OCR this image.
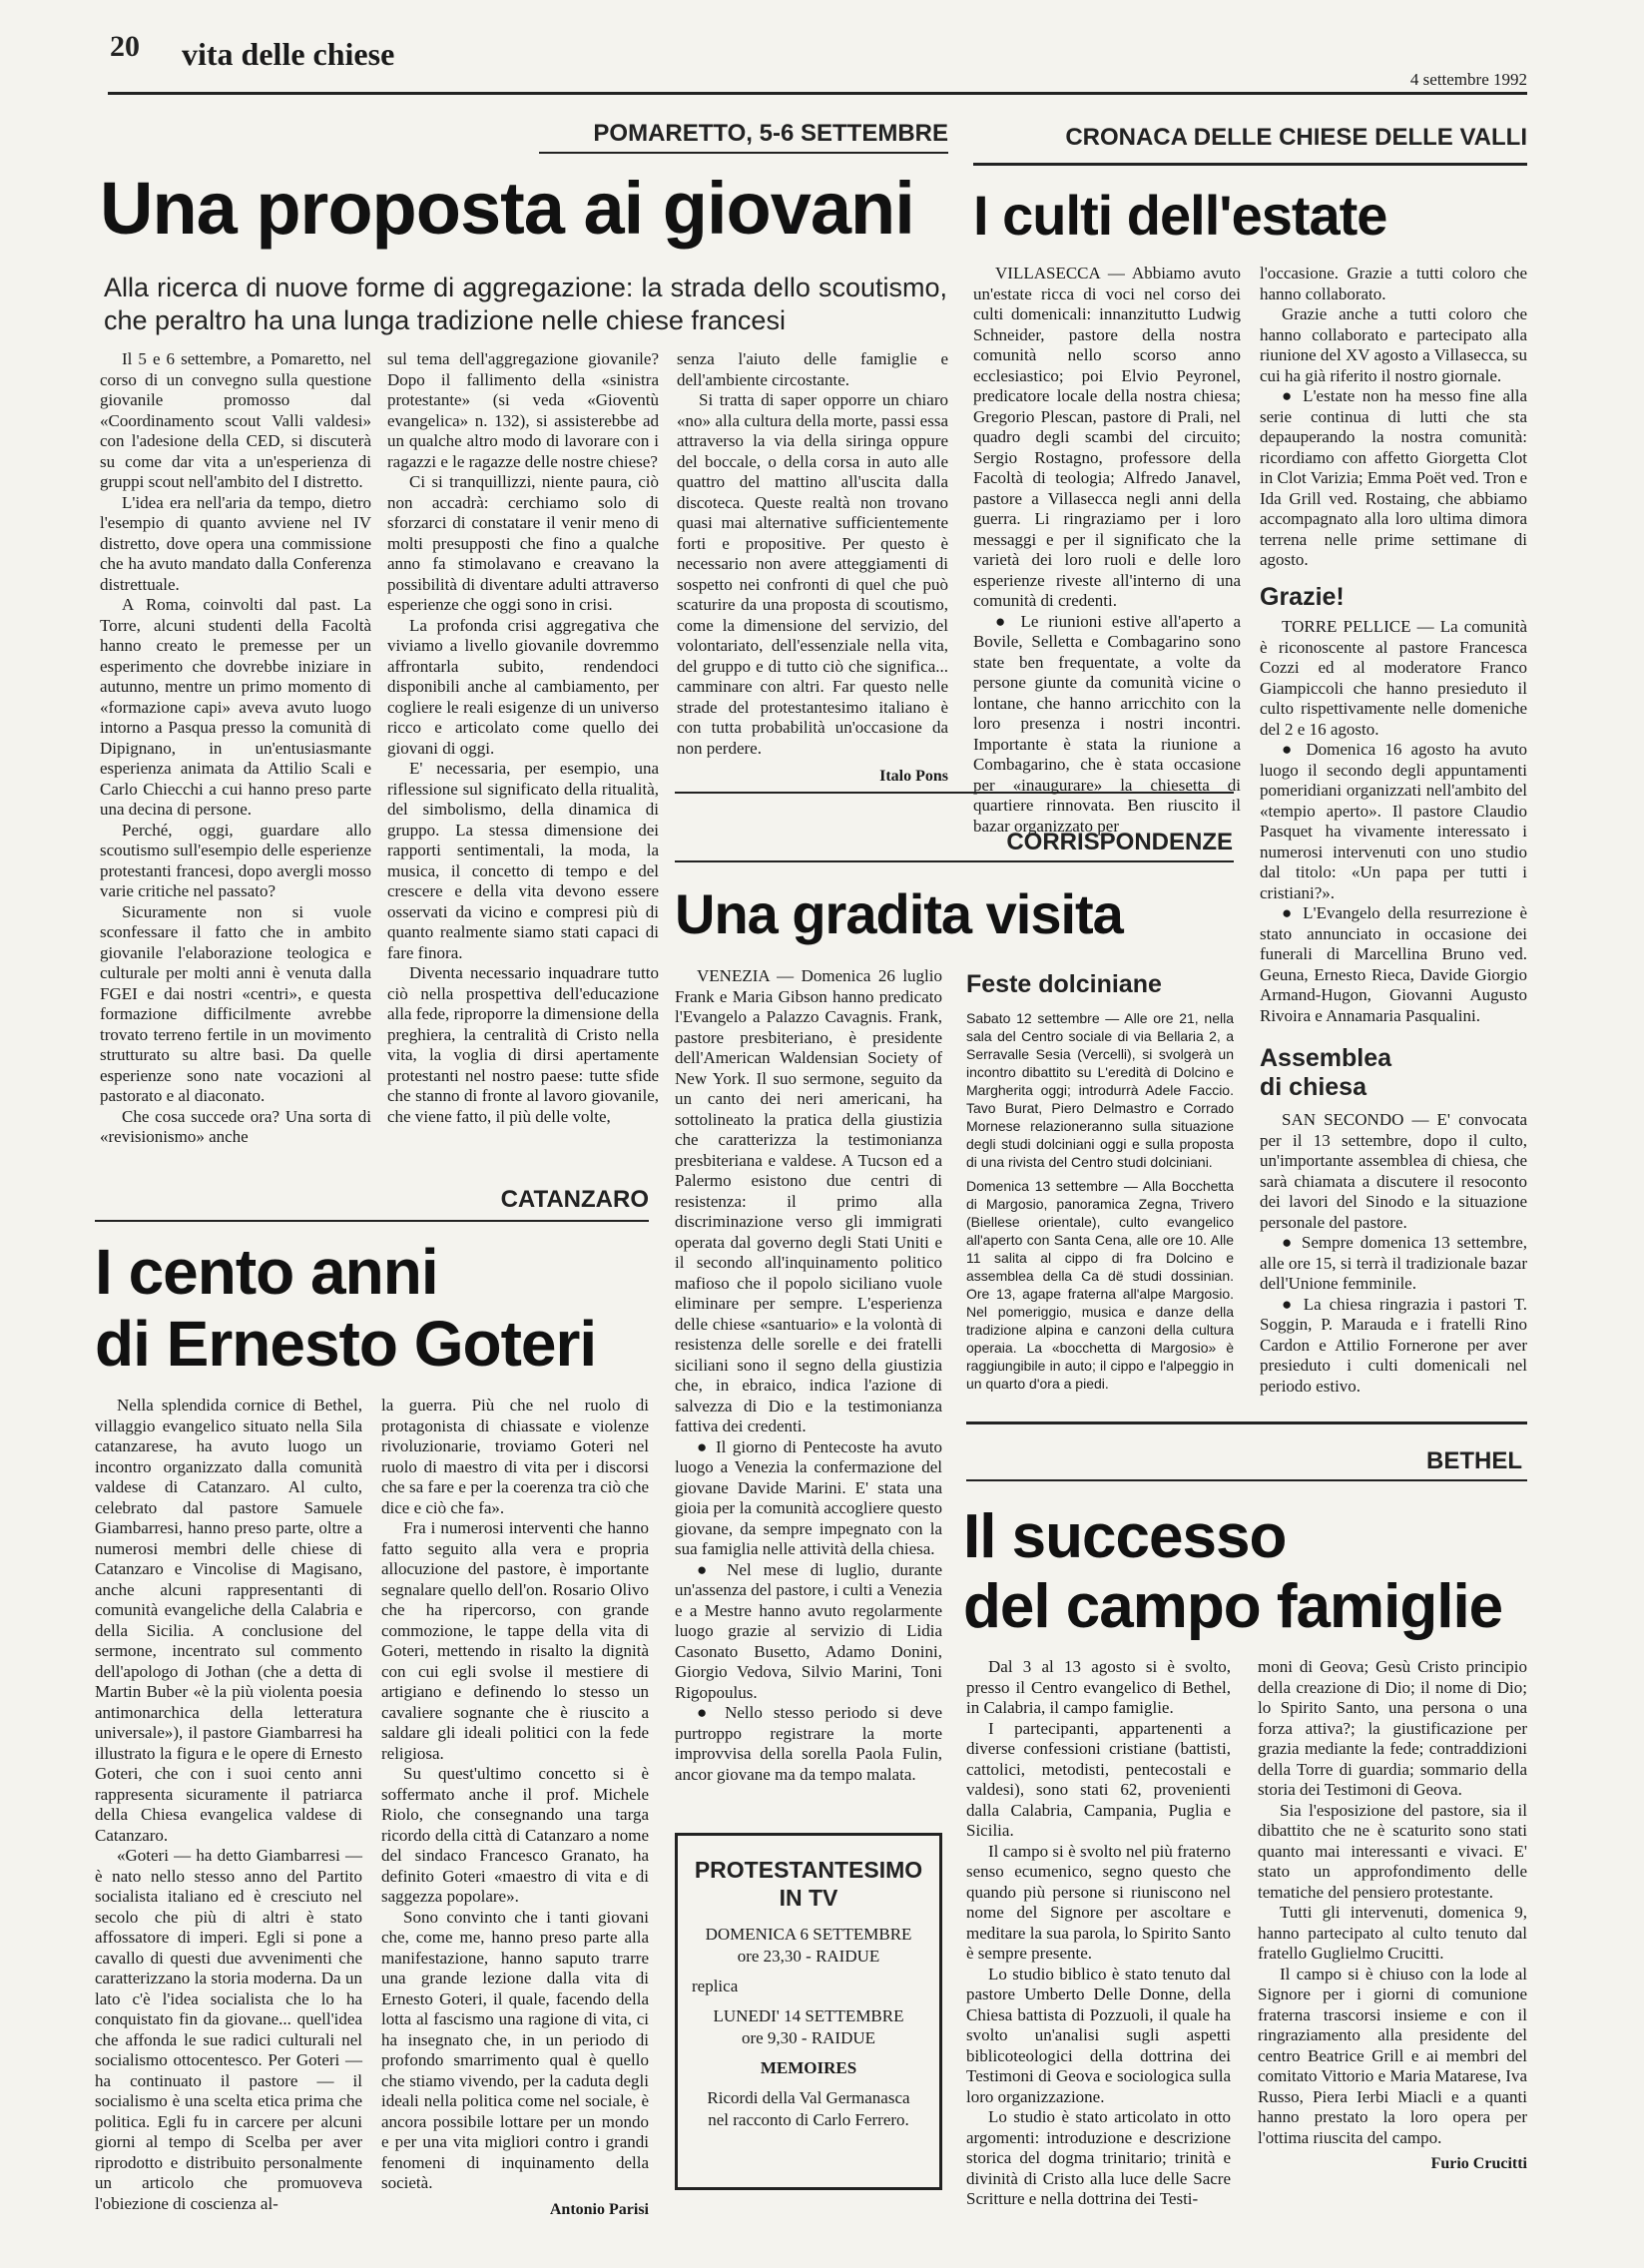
20 vita delle chiese
4 settembre 1992
POMARETTO, 5-6 SETTEMBRE
Una proposta ai giovani
Alla ricerca di nuove forme di aggregazione: la strada dello scoutismo, che peraltro ha una lunga tradizione nelle chiese francesi

Il 5 e 6 settembre, a Pomaretto, nel corso di un convegno sulla questione giovanile promosso dal «Coordinamento scout Valli valdesi» con l'adesione della CED, si discuterà su come dar vita a un'esperienza di gruppi scout nell'ambito del I distretto.

L'idea era nell'aria da tempo, dietro l'esempio di quanto avviene nel IV distretto, dove opera una commissione che ha avuto mandato dalla Conferenza distrettuale.

A Roma, coinvolti dal past. La Torre, alcuni studenti della Facoltà hanno creato le premesse per un esperimento che dovrebbe iniziare in autunno, mentre un primo momento di «formazione capi» aveva avuto luogo intorno a Pasqua presso la comunità di Dipignano, in un'entusiasmante esperienza animata da Attilio Scali e Carlo Chiecchi a cui hanno preso parte una decina di persone.

Perché, oggi, guardare allo scoutismo sull'esempio delle esperienze protestanti francesi, dopo avergli mosso varie critiche nel passato?

Sicuramente non si vuole sconfessare il fatto che in ambito giovanile l'elaborazione teologica e culturale per molti anni è venuta dalla FGEI e dai nostri «centri», e questa formazione difficilmente avrebbe trovato terreno fertile in un movimento strutturato su altre basi. Da quelle esperienze sono nate vocazioni al pastorato e al diaconato.

Che cosa succede ora? Una sorta di «revisionismo» anche

sul tema dell'aggregazione giovanile? Dopo il fallimento della «sinistra protestante» (si veda «Gioventù evangelica» n. 132), si assisterebbe ad un qualche altro modo di lavorare con i ragazzi e le ragazze delle nostre chiese?

Ci si tranquillizzi, niente paura, ciò non accadrà: cerchiamo solo di sforzarci di constatare il venir meno di molti presupposti che fino a qualche anno fa stimolavano e creavano la possibilità di diventare adulti attraverso esperienze che oggi sono in crisi.

La profonda crisi aggregativa che viviamo a livello giovanile dovremmo affrontarla subito, rendendoci disponibili anche al cambiamento, per cogliere le reali esigenze di un universo ricco e articolato come quello dei giovani di oggi.

E' necessaria, per esempio, una riflessione sul significato della ritualità, del simbolismo, della dinamica di gruppo. La stessa dimensione dei rapporti sentimentali, la moda, la musica, il concetto di tempo e del crescere e della vita devono essere osservati da vicino e compresi più di quanto realmente siamo stati capaci di fare finora.

Diventa necessario inquadrare tutto ciò nella prospettiva dell'educazione alla fede, riproporre la dimensione della preghiera, la centralità di Cristo nella vita, la voglia di dirsi apertamente protestanti nel nostro paese: tutte sfide che stanno di fronte al lavoro giovanile, che viene fatto, il più delle volte,

senza l'aiuto delle famiglie e dell'ambiente circostante.

Si tratta di saper opporre un chiaro «no» alla cultura della morte, passi essa attraverso la via della siringa oppure del boccale, o della corsa in auto alle quattro del mattino all'uscita dalla discoteca. Queste realtà non trovano quasi mai alternative sufficientemente forti e propositive. Per questo è necessario non avere atteggiamenti di sospetto nei confronti di quel che può scaturire da una proposta di scoutismo, come la dimensione del servizio, del volontariato, dell'essenziale nella vita, del gruppo e di tutto ciò che significa... camminare con altri. Far questo nelle strade del protestantesimo italiano è con tutta probabilità un'occasione da non perdere.

Italo Pons
CATANZARO
I cento anni
di Ernesto Goteri

Nella splendida cornice di Bethel, villaggio evangelico situato nella Sila catanzarese, ha avuto luogo un incontro organizzato dalla comunità valdese di Catanzaro. Al culto, celebrato dal pastore Samuele Giambarresi, hanno preso parte, oltre a numerosi membri delle chiese di Catanzaro e Vincolise di Magisano, anche alcuni rappresentanti di comunità evangeliche della Calabria e della Sicilia. A conclusione del sermone, incentrato sul commento dell'apologo di Jothan (che a detta di Martin Buber «è la più violenta poesia antimonarchica della letteratura universale»), il pastore Giambarresi ha illustrato la figura e le opere di Ernesto Goteri, che con i suoi cento anni rappresenta sicuramente il patriarca della Chiesa evangelica valdese di Catanzaro.

«Goteri — ha detto Giambarresi — è nato nello stesso anno del Partito socialista italiano ed è cresciuto nel secolo che più di altri è stato affossatore di imperi. Egli si pone a cavallo di questi due avvenimenti che caratterizzano la storia moderna. Da un lato c'è l'idea socialista che lo ha conquistato fin da giovane... quell'idea che affonda le sue radici culturali nel socialismo ottocentesco. Per Goteri — ha continuato il pastore — il socialismo è una scelta etica prima che politica. Egli fu in carcere per alcuni giorni al tempo di Scelba per aver riprodotto e distribuito personalmente un articolo che promuoveva l'obiezione di coscienza al-

la guerra. Più che nel ruolo di protagonista di chiassate e violenze rivoluzionarie, troviamo Goteri nel ruolo di maestro di vita per i discorsi che sa fare e per la coerenza tra ciò che dice e ciò che fa».

Fra i numerosi interventi che hanno fatto seguito alla vera e propria allocuzione del pastore, è importante segnalare quello dell'on. Rosario Olivo che ha ripercorso, con grande commozione, le tappe della vita di Goteri, mettendo in risalto la dignità con cui egli svolse il mestiere di artigiano e definendo lo stesso un cavaliere sognante che è riuscito a saldare gli ideali politici con la fede religiosa.

Su quest'ultimo concetto si è soffermato anche il prof. Michele Riolo, che consegnando una targa ricordo della città di Catanzaro a nome del sindaco Francesco Granato, ha definito Goteri «maestro di vita e di saggezza popolare».

Sono convinto che i tanti giovani che, come me, hanno preso parte alla manifestazione, hanno saputo trarre una grande lezione dalla vita di Ernesto Goteri, il quale, facendo della lotta al fascismo una ragione di vita, ci ha insegnato che, in un periodo di profondo smarrimento qual è quello che stiamo vivendo, per la caduta degli ideali nella politica come nel sociale, è ancora possibile lottare per un mondo e per una vita migliori contro i grandi fenomeni di inquinamento della società.

Antonio Parisi
CRONACA DELLE CHIESE DELLE VALLI
I culti dell'estate

VILLASECCA — Abbiamo avuto un'estate ricca di voci nel corso dei culti domenicali: innanzitutto Ludwig Schneider, pastore della nostra comunità nello scorso anno ecclesiastico; poi Elvio Peyronel, predicatore locale della nostra chiesa; Gregorio Plescan, pastore di Prali, nel quadro degli scambi del circuito; Sergio Rostagno, professore della Facoltà di teologia; Alfredo Janavel, pastore a Villasecca negli anni della guerra. Li ringraziamo per i loro messaggi e per il significato che la varietà dei loro ruoli e delle loro esperienze riveste all'interno di una comunità di credenti.

● Le riunioni estive all'aperto a Bovile, Selletta e Combagarino sono state ben frequentate, a volte da persone giunte da comunità vicine o lontane, che hanno arricchito con la loro presenza i nostri incontri. Importante è stata la riunione a Combagarino, che è stata occasione per «inaugurare» la chiesetta di quartiere rinnovata. Ben riuscito il bazar organizzato per

l'occasione. Grazie a tutti coloro che hanno collaborato.

Grazie anche a tutti coloro che hanno collaborato e partecipato alla riunione del XV agosto a Villasecca, su cui ha già riferito il nostro giornale.

● L'estate non ha messo fine alla serie continua di lutti che sta depauperando la nostra comunità: ricordiamo con affetto Giorgetta Clot in Clot Varizia; Emma Poët ved. Tron e Ida Grill ved. Rostaing, che abbiamo accompagnato alla loro ultima dimora terrena nelle prime settimane di agosto.

Grazie!

TORRE PELLICE — La comunità è riconoscente al pastore Francesca Cozzi ed al moderatore Franco Giampiccoli che hanno presieduto il culto rispettivamente nelle domeniche del 2 e 16 agosto.

● Domenica 16 agosto ha avuto luogo il secondo degli appuntamenti pomeridiani organizzati nell'ambito del «tempio aperto». Il pastore Claudio Pasquet ha vivamente interessato i numerosi intervenuti con uno studio dal titolo: «Un papa per tutti i cristiani?».

● L'Evangelo della resurrezione è stato annunciato in occasione dei funerali di Marcellina Bruno ved. Geuna, Ernesto Rieca, Davide Giorgio Armand-Hugon, Giovanni Augusto Rivoira e Annamaria Pasqualini.

Assemblea
di chiesa

SAN SECONDO — E' convocata per il 13 settembre, dopo il culto, un'importante assemblea di chiesa, che sarà chiamata a discutere il resoconto dei lavori del Sinodo e la situazione personale del pastore.

● Sempre domenica 13 settembre, alle ore 15, si terrà il tradizionale bazar dell'Unione femminile.

● La chiesa ringrazia i pastori T. Soggin, P. Marauda e i fratelli Rino Cardon e Attilio Fornerone per aver presieduto i culti domenicali nel periodo estivo.

CORRISPONDENZE
Una gradita visita

VENEZIA — Domenica 26 luglio Frank e Maria Gibson hanno predicato l'Evangelo a Palazzo Cavagnis. Frank, pastore presbiteriano, è presidente dell'American Waldensian Society of New York. Il suo sermone, seguito da un canto dei neri americani, ha sottolineato la pratica della giustizia che caratterizza la testimonianza presbiteriana e valdese. A Tucson ed a Palermo esistono due centri di resistenza: il primo alla discriminazione verso gli immigrati operata dal governo degli Stati Uniti e il secondo all'inquinamento politico mafioso che il popolo siciliano vuole eliminare per sempre. L'esperienza delle chiese «santuario» e la volontà di resistenza delle sorelle e dei fratelli siciliani sono il segno della giustizia che, in ebraico, indica l'azione di salvezza di Dio e la testimonianza fattiva dei credenti.

● Il giorno di Pentecoste ha avuto luogo a Venezia la confermazione del giovane Davide Marini. E' stata una gioia per la comunità accogliere questo giovane, da sempre impegnato con la sua famiglia nelle attività della chiesa.

● Nel mese di luglio, durante un'assenza del pastore, i culti a Venezia e a Mestre hanno avuto regolarmente luogo grazie al servizio di Lidia Casonato Busetto, Adamo Donini, Giorgio Vedova, Silvio Marini, Toni Rigopoulus.

● Nello stesso periodo si deve purtroppo registrare la morte improvvisa della sorella Paola Fulin, ancor giovane ma da tempo malata.

Feste dolciniane

Sabato 12 settembre — Alle ore 21, nella sala del Centro sociale di via Bellaria 2, a Serravalle Sesia (Vercelli), si svolgerà un incontro dibattito su L'eredità di Dolcino e Margherita oggi; introdurrà Adele Faccio. Tavo Burat, Piero Delmastro e Corrado Mornese relazioneranno sulla situazione degli studi dolciniani oggi e sulla proposta di una rivista del Centro studi dolciniani.

Domenica 13 settembre — Alla Bocchetta di Margosio, panoramica Zegna, Trivero (Biellese orientale), culto evangelico all'aperto con Santa Cena, alle ore 10. Alle 11 salita al cippo di fra Dolcino e assemblea della Ca dë studi dossinian. Ore 13, agape fraterna all'alpe Margosio. Nel pomeriggio, musica e danze della tradizione alpina e canzoni della cultura operaia. La «bocchetta di Margosio» è raggiungibile in auto; il cippo e l'alpeggio in un quarto d'ora a piedi.

PROTESTANTESIMO
IN TV
DOMENICA 6 SETTEMBRE
ore 23,30 - RAIDUE
replica
LUNEDI' 14 SETTEMBRE
ore 9,30 - RAIDUE
MEMOIRES
Ricordi della Val Germanasca nel racconto di Carlo Ferrero.
BETHEL
Il successo
del campo famiglie

Dal 3 al 13 agosto si è svolto, presso il Centro evangelico di Bethel, in Calabria, il campo famiglie.

I partecipanti, appartenenti a diverse confessioni cristiane (battisti, cattolici, metodisti, pentecostali e valdesi), sono stati 62, provenienti dalla Calabria, Campania, Puglia e Sicilia.

Il campo si è svolto nel più fraterno senso ecumenico, segno questo che quando più persone si riuniscono nel nome del Signore per ascoltare e meditare la sua parola, lo Spirito Santo è sempre presente.

Lo studio biblico è stato tenuto dal pastore Umberto Delle Donne, della Chiesa battista di Pozzuoli, il quale ha svolto un'analisi sugli aspetti biblicoteologici della dottrina dei Testimoni di Geova e sociologica sulla loro organizzazione.

Lo studio è stato articolato in otto argomenti: introduzione e descrizione storica del dogma trinitario; trinità e divinità di Cristo alla luce delle Sacre Scritture e nella dottrina dei Testi-

moni di Geova; Gesù Cristo principio della creazione di Dio; il nome di Dio; lo Spirito Santo, una persona o una forza attiva?; la giustificazione per grazia mediante la fede; contraddizioni della Torre di guardia; sommario della storia dei Testimoni di Geova.

Sia l'esposizione del pastore, sia il dibattito che ne è scaturito sono stati quanto mai interessanti e vivaci. E' stato un approfondimento delle tematiche del pensiero protestante.

Tutti gli intervenuti, domenica 9, hanno partecipato al culto tenuto dal fratello Guglielmo Crucitti.

Il campo si è chiuso con la lode al Signore per i giorni di comunione fraterna trascorsi insieme e con il ringraziamento alla presidente del centro Beatrice Grill e ai membri del comitato Vittorio e Maria Matarese, Iva Russo, Piera Ierbi Miacli e a quanti hanno prestato la loro opera per l'ottima riuscita del campo.

Furio Crucitti
